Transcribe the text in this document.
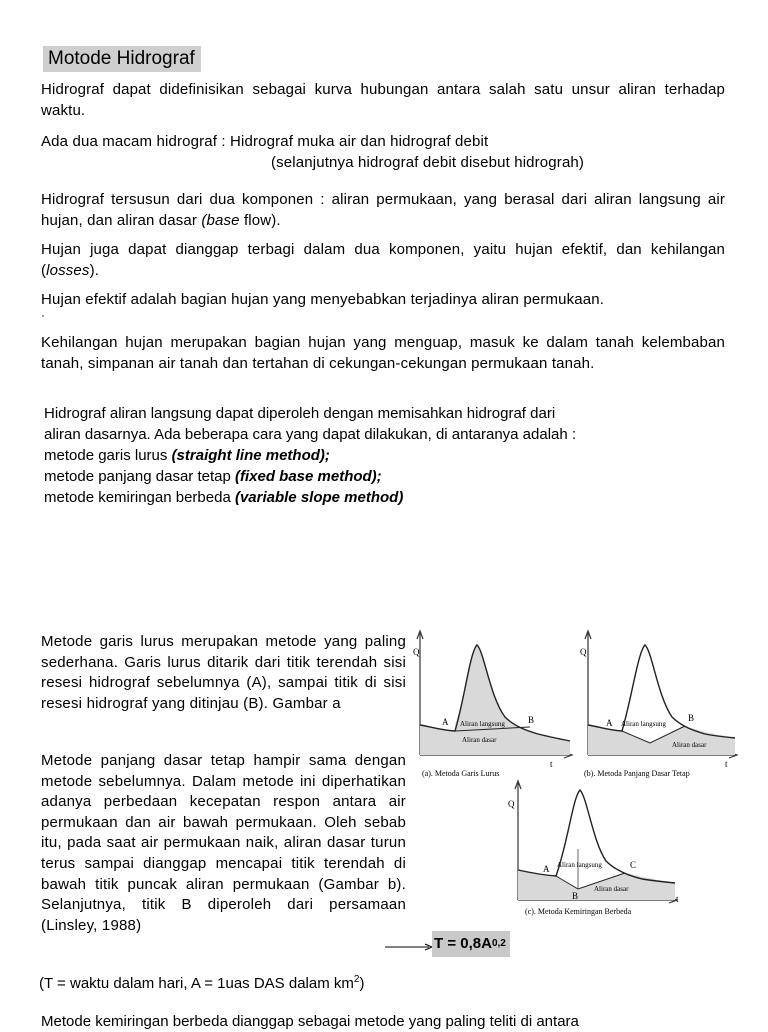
Motode Hidrograf

Hidrograf dapat didefinisikan sebagai kurva hubungan antara salah satu unsur aliran terhadap waktu.

Ada dua macam hidrograf : Hidrograf muka air dan hidrograf debit

(selanjutnya hidrograf debit disebut hidrograh)

Hidrograf tersusun dari dua komponen : aliran permukaan, yang berasal dari aliran langsung air hujan, dan aliran dasar (base flow).

Hujan juga dapat dianggap terbagi dalam dua komponen, yaitu hujan efektif, dan kehilangan (losses).

Hujan efektif adalah bagian hujan yang menyebabkan terjadinya aliran permukaan.

·

Kehilangan hujan merupakan bagian hujan yang menguap, masuk ke dalam tanah kelembaban tanah, simpanan air tanah dan tertahan di cekungan-cekungan permukaan tanah.

Hidrograf aliran langsung dapat diperoleh dengan memisahkan hidrograf dari

aliran dasarnya. Ada beberapa cara yang dapat dilakukan, di antaranya adalah :

metode garis lurus (straight line method);

metode panjang dasar tetap (fixed base method);

metode kemiringan berbeda (variable slope method)

Metode garis lurus merupakan metode yang paling sederhana. Garis lurus ditarik dari titik terendah sisi resesi hidrograf sebelumnya (A), sampai titik di sisi resesi hidrograf yang ditinjau (B). Gambar a

Metode panjang dasar tetap hampir sama dengan metode sebelumnya. Dalam metode ini diperhatikan adanya perbedaan kecepatan respon antara air permukaan dan air bawah permukaan. Oleh sebab itu, pada saat air permukaan naik, aliran dasar turun terus sampai dianggap mencapai titik terendah di bawah titik puncak aliran permukaan (Gambar b). Selanjutnya, titik B diperoleh dari persamaan (Linsley, 1988)

Q
t
A	B
Aliran langsung
Aliran dasar
(a). Metoda Garis Lurus
Q
t
A	B
Aliran langsung
Aliran dasar
(b). Metoda Panjang Dasar Tetap
Q
t
A
B
C
Aliran langsung
Aliran dasar
(c). Metoda Kemiringan Berbeda
$T = 0,8A_{0,2}$
(T = waktu dalam hari, A = 1uas DAS dalam $km^2$)
Metode kemiringan berbeda dianggap sebagai metode yang paling teliti di antara
